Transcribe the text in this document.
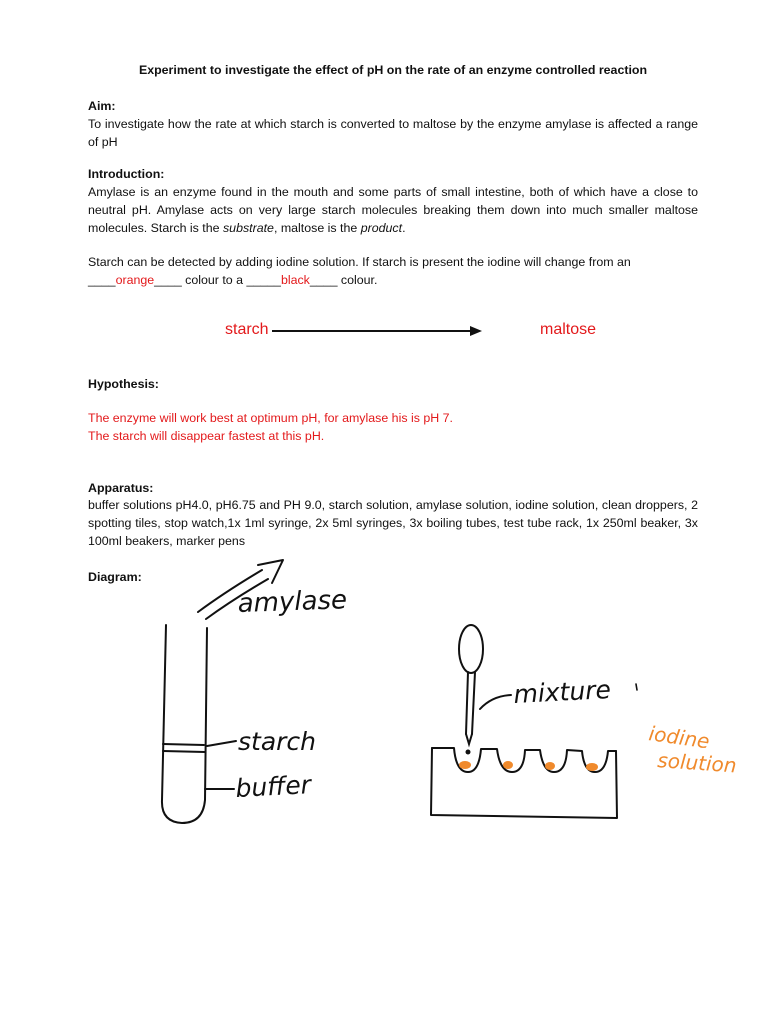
Experiment to investigate the effect of pH on the rate of an enzyme controlled reaction
Aim:
To investigate how the rate at which starch is converted to maltose by the enzyme amylase is affected a range of pH
Introduction:
Amylase is an enzyme found in the mouth and some parts of small intestine, both of which have a close to neutral pH. Amylase acts on very large starch molecules breaking them down into much smaller maltose molecules. Starch is the substrate, maltose is the product.
Starch can be detected by adding iodine solution. If starch is present the iodine will change from an
____orange____ colour to a _____black____ colour.
starch	maltose
Hypothesis:
The enzyme will work best at optimum pH, for amylase his is pH 7.
The starch will disappear fastest at this pH.
Apparatus:
buffer solutions pH4.0, pH6.75 and PH 9.0, starch solution, amylase solution, iodine solution, clean droppers, 2 spotting tiles, stop watch,1x 1ml syringe, 2x 5ml syringes, 3x boiling tubes, test tube rack, 1x 250ml beaker, 3x 100ml beakers, marker pens
Diagram:
amylase
starch
buffer
mixture
iodine
solution
